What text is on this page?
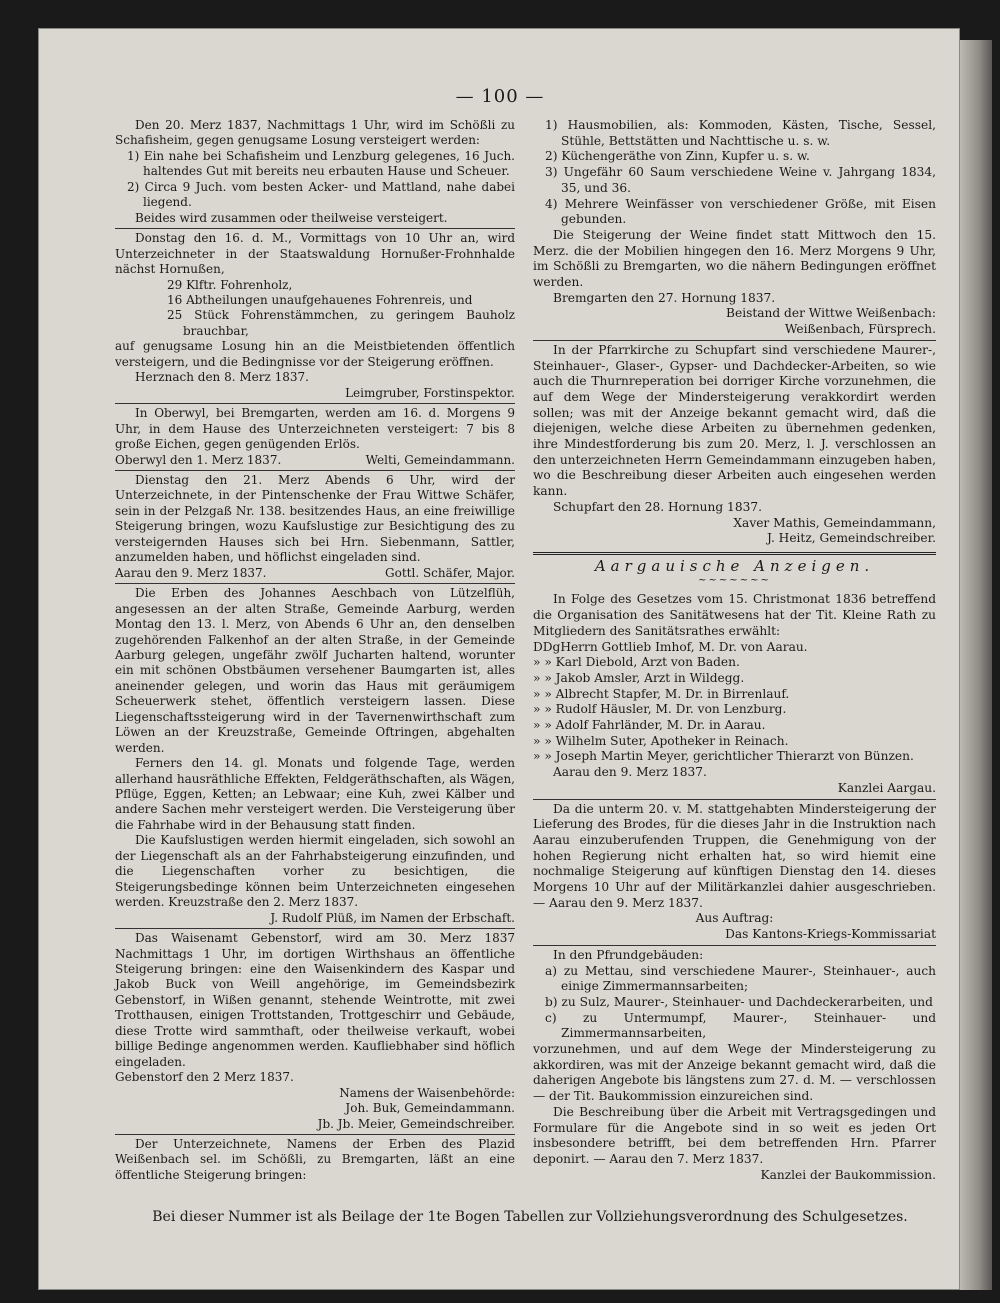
— 100 —

Den 20. Merz 1837, Nachmittags 1 Uhr, wird im Schößli zu Schafisheim, gegen genugsame Losung versteigert werden:

1) Ein nahe bei Schafisheim und Lenzburg gelegenes, 16 Juch. haltendes Gut mit bereits neu erbauten Hause und Scheuer.

2) Circa 9 Juch. vom besten Acker- und Mattland, nahe dabei liegend.

Beides wird zusammen oder theilweise versteigert.

Donstag den 16. d. M., Vormittags von 10 Uhr an, wird Unterzeichneter in der Staatswaldung Hornußer-Frohnhalde nächst Hornußen,

29 Klftr. Fohrenholz,

16 Abtheilungen unaufgehauenes Fohrenreis, und

25 Stück Fohrenstämmchen, zu geringem Bauholz brauchbar,

auf genugsame Losung hin an die Meistbietenden öffentlich versteigern, und die Bedingnisse vor der Steigerung eröffnen.

Herznach den 8. Merz 1837.

Leimgruber, Forstinspektor.

In Oberwyl, bei Bremgarten, werden am 16. d. Morgens 9 Uhr, in dem Hause des Unterzeichneten versteigert: 7 bis 8 große Eichen, gegen genügenden Erlös.

Oberwyl den 1. Merz 1837.	Welti, Gemeindammann.

Dienstag den 21. Merz Abends 6 Uhr, wird der Unterzeichnete, in der Pintenschenke der Frau Wittwe Schäfer, sein in der Pelzgaß Nr. 138. besitzendes Haus, an eine freiwillige Steigerung bringen, wozu Kaufslustige zur Besichtigung des zu versteigernden Hauses sich bei Hrn. Siebenmann, Sattler, anzumelden haben, und höflichst eingeladen sind.

Aarau den 9. Merz 1837.	Gottl. Schäfer, Major.

Die Erben des Johannes Aeschbach von Lützelflüh, angesessen an der alten Straße, Gemeinde Aarburg, werden Montag den 13. l. Merz, von Abends 6 Uhr an, den denselben zugehörenden Falkenhof an der alten Straße, in der Gemeinde Aarburg gelegen, ungefähr zwölf Jucharten haltend, worunter ein mit schönen Obstbäumen versehener Baumgarten ist, alles aneinender gelegen, und worin das Haus mit geräumigem Scheuerwerk stehet, öffentlich versteigern lassen. Diese Liegenschaftssteigerung wird in der Tavernenwirthschaft zum Löwen an der Kreuzstraße, Gemeinde Oftringen, abgehalten werden.

Ferners den 14. gl. Monats und folgende Tage, werden allerhand hausräthliche Effekten, Feldgeräthschaften, als Wägen, Pflüge, Eggen, Ketten; an Lebwaar; eine Kuh, zwei Kälber und andere Sachen mehr versteigert werden. Die Versteigerung über die Fahrhabe wird in der Behausung statt finden.

Die Kaufslustigen werden hiermit eingeladen, sich sowohl an der Liegenschaft als an der Fahrhabsteigerung einzufinden, und die Liegenschaften vorher zu besichtigen, die Steigerungsbedinge können beim Unterzeichneten eingesehen werden. Kreuzstraße den 2. Merz 1837.

J. Rudolf Plüß, im Namen der Erbschaft.

Das Waisenamt Gebenstorf, wird am 30. Merz 1837 Nachmittags 1 Uhr, im dortigen Wirthshaus an öffentliche Steigerung bringen: eine den Waisenkindern des Kaspar und Jakob Buck von Weill angehörige, im Gemeindsbezirk Gebenstorf, in Wißen genannt, stehende Weintrotte, mit zwei Trotthausen, einigen Trottstanden, Trottgeschirr und Gebäude, diese Trotte wird sammthaft, oder theilweise verkauft, wobei billige Bedinge angenommen werden. Kaufliebhaber sind höflich eingeladen.

Gebenstorf den 2 Merz 1837.

Namens der Waisenbehörde:

Joh. Buk, Gemeindammann.

Jb. Jb. Meier, Gemeindschreiber.

Der Unterzeichnete, Namens der Erben des Plazid Weißenbach sel. im Schößli, zu Bremgarten, läßt an eine öffentliche Steigerung bringen:

1) Hausmobilien, als: Kommoden, Kästen, Tische, Sessel, Stühle, Bettstätten und Nachttische u. s. w.

2) Küchengeräthe von Zinn, Kupfer u. s. w.

3) Ungefähr 60 Saum verschiedene Weine v. Jahrgang 1834, 35, und 36.

4) Mehrere Weinfässer von verschiedener Größe, mit Eisen gebunden.

Die Steigerung der Weine findet statt Mittwoch den 15. Merz. die der Mobilien hingegen den 16. Merz Morgens 9 Uhr, im Schößli zu Bremgarten, wo die nähern Bedingungen eröffnet werden.

Bremgarten den 27. Hornung 1837.

Beistand der Wittwe Weißenbach:

Weißenbach, Fürsprech.

In der Pfarrkirche zu Schupfart sind verschiedene Maurer-, Steinhauer-, Glaser-, Gypser- und Dachdecker-Arbeiten, so wie auch die Thurnreperation bei dorriger Kirche vorzunehmen, die auf dem Wege der Mindersteigerung verakkordirt werden sollen; was mit der Anzeige bekannt gemacht wird, daß die diejenigen, welche diese Arbeiten zu übernehmen gedenken, ihre Mindestforderung bis zum 20. Merz, l. J. verschlossen an den unterzeichneten Herrn Gemeindammann einzugeben haben, wo die Beschreibung dieser Arbeiten auch eingesehen werden kann.

Schupfart den 28. Hornung 1837.

Xaver Mathis, Gemeindammann,

J. Heitz, Gemeindschreiber.

Aargauische Anzeigen.

~~~~~~~

In Folge des Gesetzes vom 15. Christmonat 1836 betreffend die Organisation des Sanitätwesens hat der Tit. Kleine Rath zu Mitgliedern des Sanitätsrathes erwählt:

DDgHerrn Gottlieb Imhof, M. Dr. von Aarau.

» » Karl Diebold, Arzt von Baden.

» » Jakob Amsler, Arzt in Wildegg.

» » Albrecht Stapfer, M. Dr. in Birrenlauf.

» » Rudolf Häusler, M. Dr. von Lenzburg.

» » Adolf Fahrländer, M. Dr. in Aarau.

» » Wilhelm Suter, Apotheker in Reinach.

» » Joseph Martin Meyer, gerichtlicher Thierarzt von Bünzen.

Aarau den 9. Merz 1837.

Kanzlei Aargau.

Da die unterm 20. v. M. stattgehabten Mindersteigerung der Lieferung des Brodes, für die dieses Jahr in die Instruktion nach Aarau einzuberufenden Truppen, die Genehmigung von der hohen Regierung nicht erhalten hat, so wird hiemit eine nochmalige Steigerung auf künftigen Dienstag den 14. dieses Morgens 10 Uhr auf der Militärkanzlei dahier ausgeschrieben. — Aarau den 9. Merz 1837.

Aus Auftrag:

Das Kantons-Kriegs-Kommissariat

In den Pfrundgebäuden:

a) zu Mettau, sind verschiedene Maurer-, Steinhauer-, auch einige Zimmermannsarbeiten;

b) zu Sulz, Maurer-, Steinhauer- und Dachdeckerarbeiten, und

c) zu Untermumpf, Maurer-, Steinhauer- und Zimmermannsarbeiten,

vorzunehmen, und auf dem Wege der Mindersteigerung zu akkordiren, was mit der Anzeige bekannt gemacht wird, daß die daherigen Angebote bis längstens zum 27. d. M. — verschlossen — der Tit. Baukommission einzureichen sind.

Die Beschreibung über die Arbeit mit Vertragsgedingen und Formulare für die Angebote sind in so weit es jeden Ort insbesondere betrifft, bei dem betreffenden Hrn. Pfarrer deponirt. — Aarau den 7. Merz 1837.

Kanzlei der Baukommission.

Bei dieser Nummer ist als Beilage der 1te Bogen Tabellen zur Vollziehungsverordnung des Schulgesetzes.
